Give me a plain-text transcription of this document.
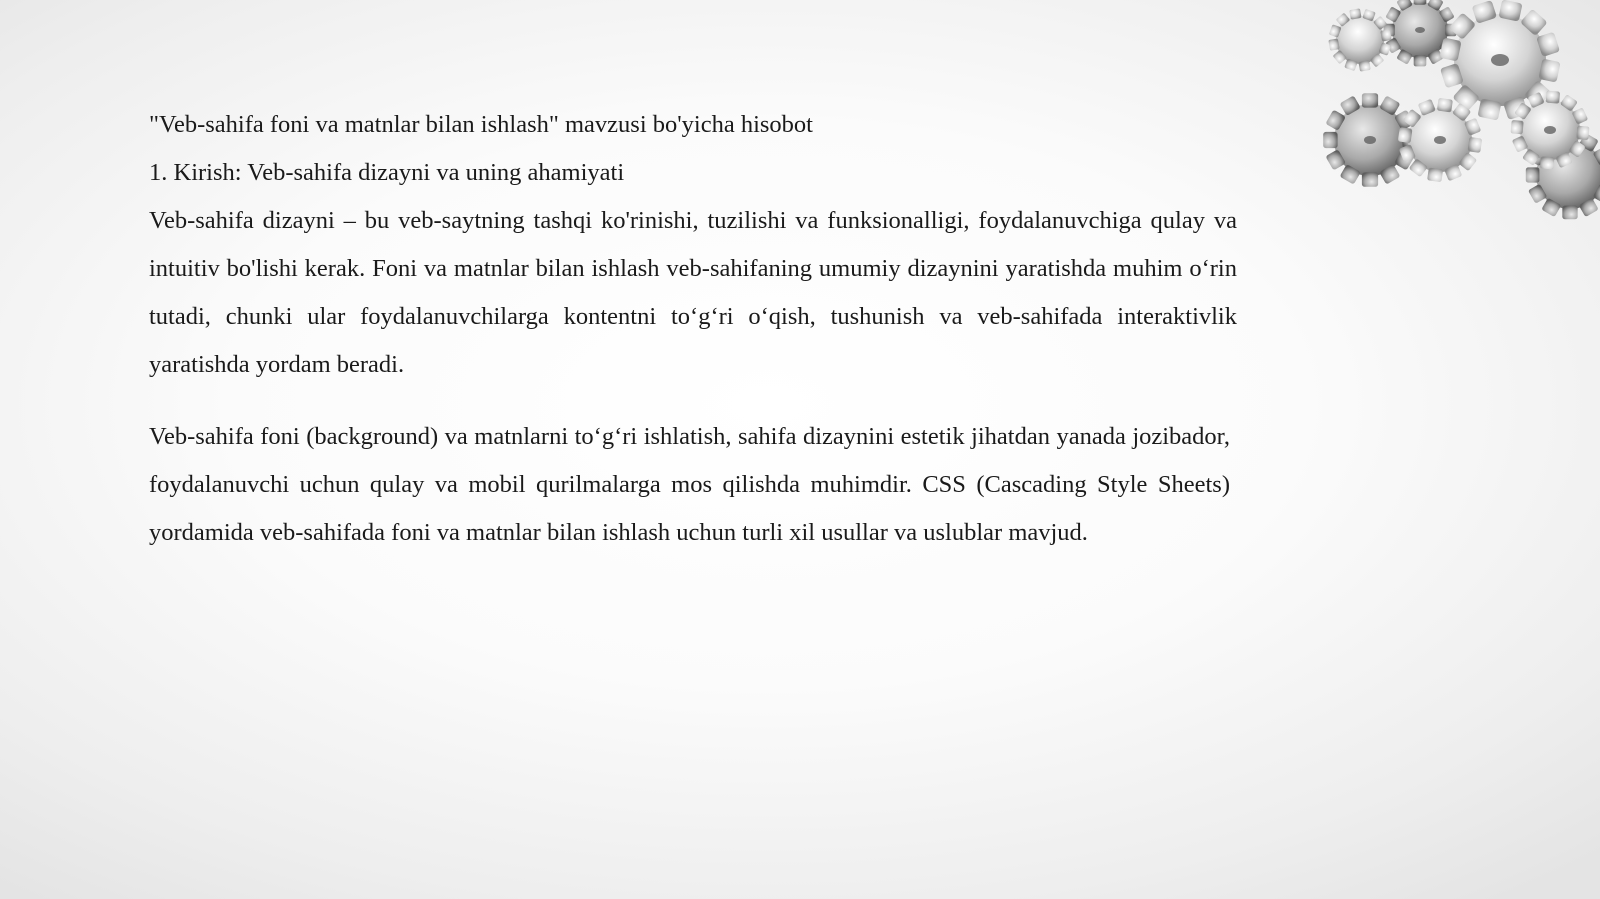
"Veb-sahifa foni va matnlar bilan ishlash" mavzusi bo'yicha hisobot

1. Kirish: Veb-sahifa dizayni va uning ahamiyati

Veb-sahifa dizayni – bu veb-saytning tashqi ko'rinishi, tuzilishi va funksionalligi, foydalanuvchiga qulay va intuitiv bo'lishi kerak. Foni va matnlar bilan ishlash veb-sahifaning umumiy dizaynini yaratishda muhim o‘rin tutadi, chunki ular foydalanuvchilarga kontentni to‘g‘ri o‘qish, tushunish va veb-sahifada interaktivlik yaratishda yordam beradi.

Veb-sahifa foni (background) va matnlarni to‘g‘ri ishlatish, sahifa dizaynini estetik jihatdan yanada jozibador, foydalanuvchi uchun qulay va mobil qurilmalarga mos qilishda muhimdir. CSS (Cascading Style Sheets) yordamida veb-sahifada foni va matnlar bilan ishlash uchun turli xil usullar va uslublar mavjud.
